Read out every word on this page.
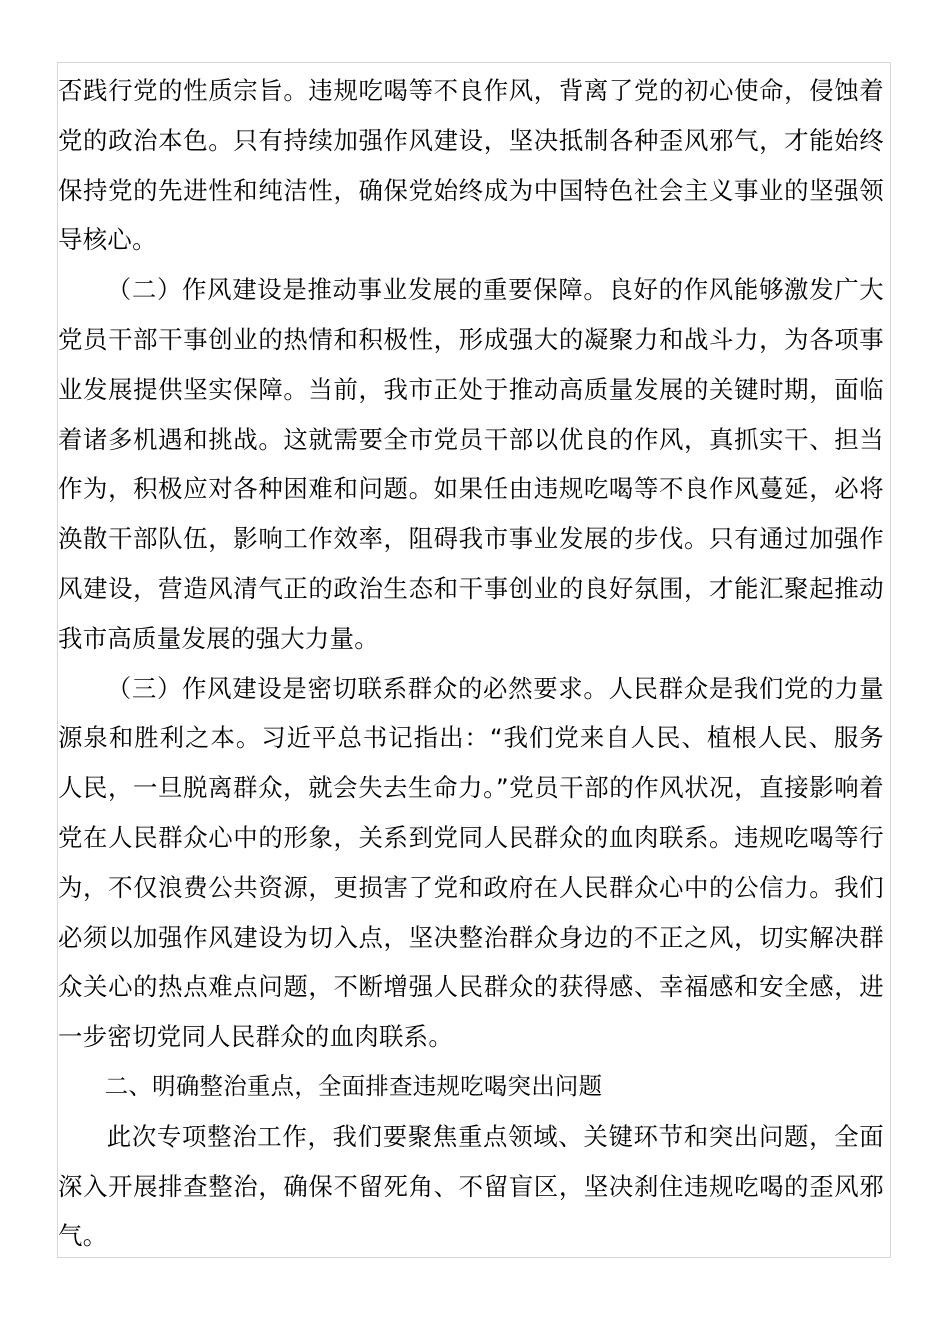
否践行党的性质宗旨。违规吃喝等不良作风，背离了党的初心使命，侵蚀着党的政治本色。只有持续加强作风建设，坚决抵制各种歪风邪气，才能始终保持党的先进性和纯洁性，确保党始终成为中国特色社会主义事业的坚强领导核心。

（二）作风建设是推动事业发展的重要保障。良好的作风能够激发广大党员干部干事创业的热情和积极性，形成强大的凝聚力和战斗力，为各项事业发展提供坚实保障。当前，我市正处于推动高质量发展的关键时期，面临着诸多机遇和挑战。这就需要全市党员干部以优良的作风，真抓实干、担当作为，积极应对各种困难和问题。如果任由违规吃喝等不良作风蔓延，必将涣散干部队伍，影响工作效率，阻碍我市事业发展的步伐。只有通过加强作风建设，营造风清气正的政治生态和干事创业的良好氛围，才能汇聚起推动我市高质量发展的强大力量。

（三）作风建设是密切联系群众的必然要求。人民群众是我们党的力量源泉和胜利之本。习近平总书记指出：“我们党来自人民、植根人民、服务人民，一旦脱离群众，就会失去生命力。”党员干部的作风状况，直接影响着党在人民群众心中的形象，关系到党同人民群众的血肉联系。违规吃喝等行为，不仅浪费公共资源，更损害了党和政府在人民群众心中的公信力。我们必须以加强作风建设为切入点，坚决整治群众身边的不正之风，切实解决群众关心的热点难点问题，不断增强人民群众的获得感、幸福感和安全感，进一步密切党同人民群众的血肉联系。

二、明确整治重点，全面排查违规吃喝突出问题

此次专项整治工作，我们要聚焦重点领域、关键环节和突出问题，全面深入开展排查整治，确保不留死角、不留盲区，坚决刹住违规吃喝的歪风邪气。
